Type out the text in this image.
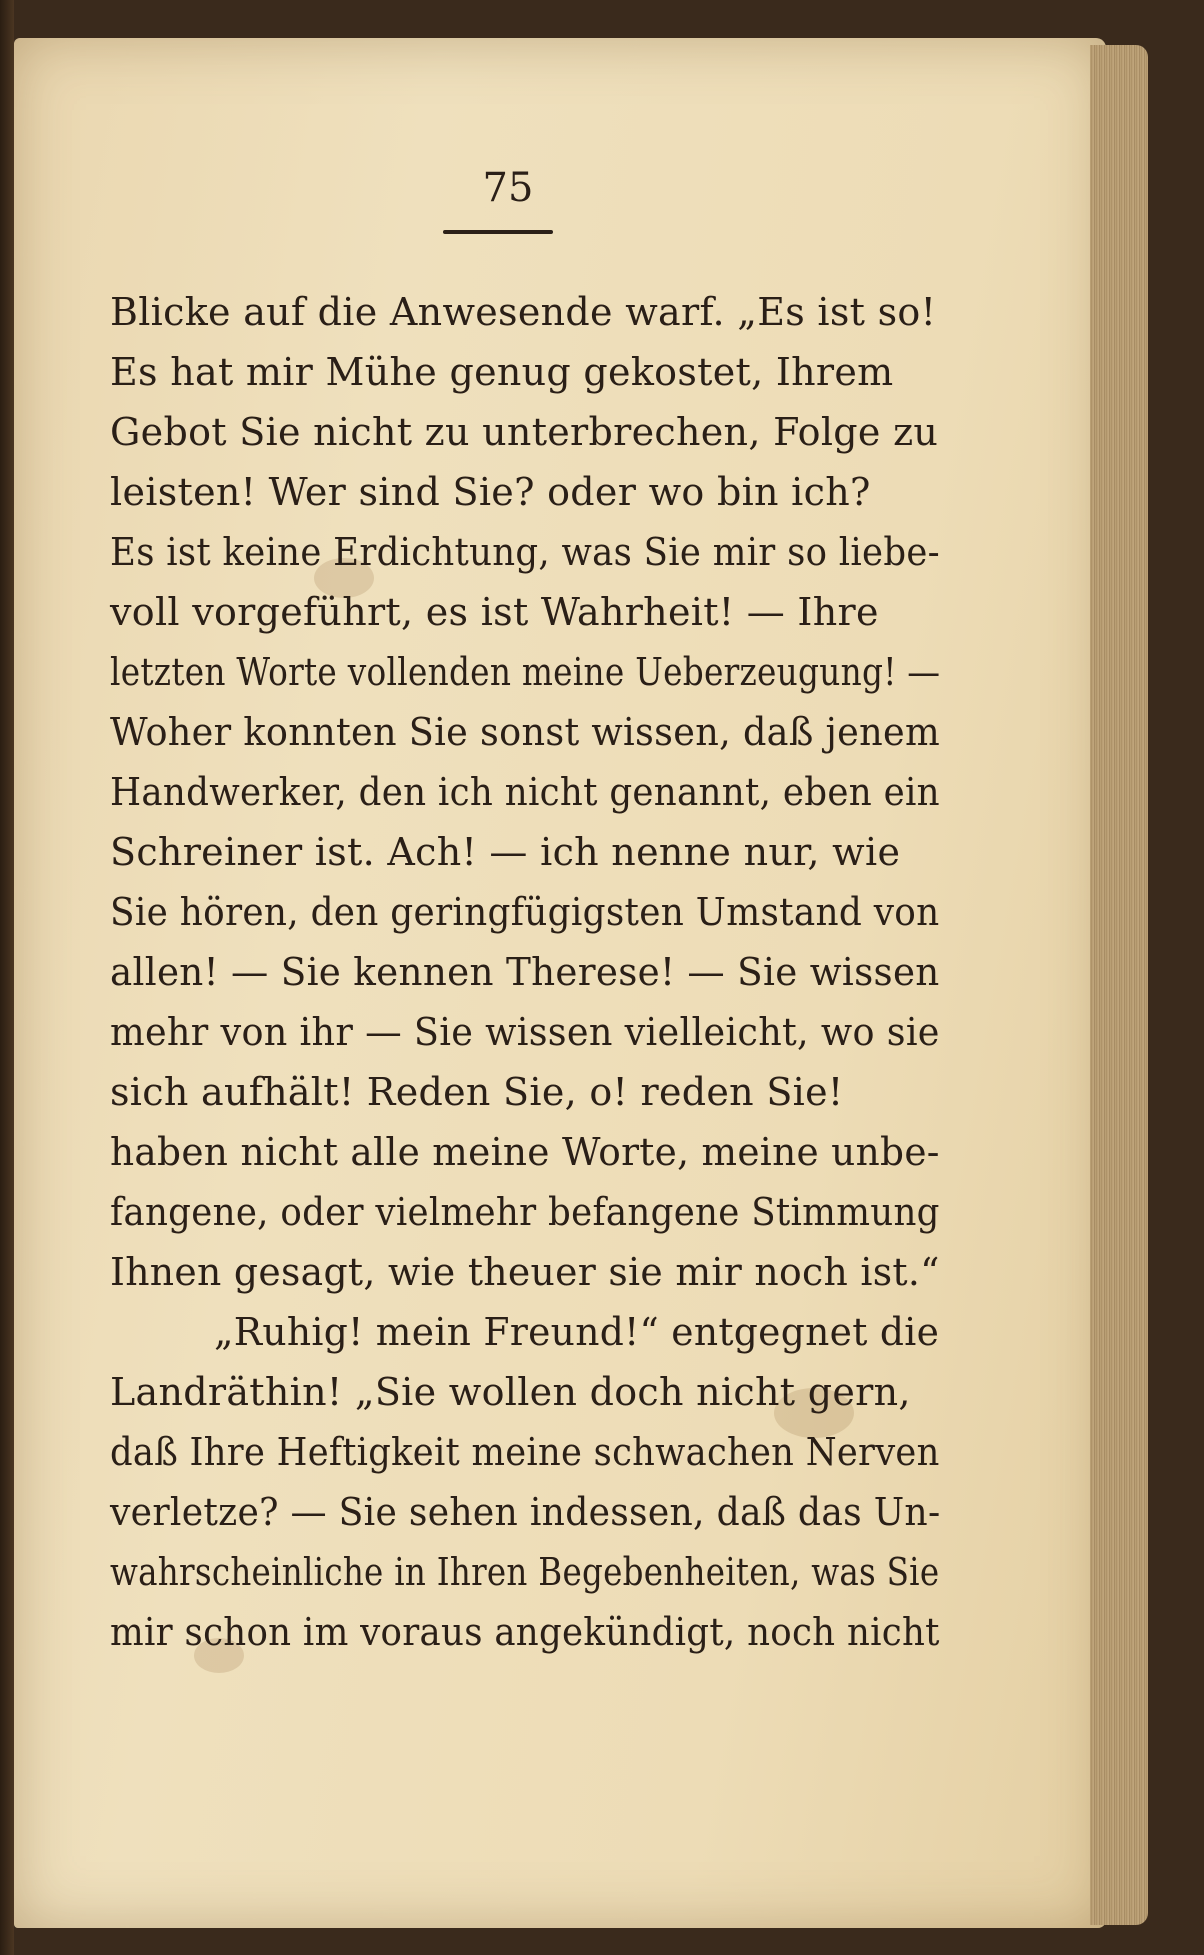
75
Blicke auf die Anwesende warf. „Es ist so!
Es hat mir Mühe genug gekostet, Ihrem
Gebot Sie nicht zu unterbrechen, Folge zu
leisten! Wer sind Sie? oder wo bin ich?
Es ist keine Erdichtung, was Sie mir so liebe-
voll vorgeführt, es ist Wahrheit! — Ihre
letzten Worte vollenden meine Ueberzeugung! —
Woher konnten Sie sonst wissen, daß jenem
Handwerker, den ich nicht genannt, eben ein
Schreiner ist. Ach! — ich nenne nur, wie
Sie hören, den geringfügigsten Umstand von
allen! — Sie kennen Therese! — Sie wissen
mehr von ihr — Sie wissen vielleicht, wo sie
sich aufhält! Reden Sie, o! reden Sie!
haben nicht alle meine Worte, meine unbe-
fangene, oder vielmehr befangene Stimmung
Ihnen gesagt, wie theuer sie mir noch ist.“
„Ruhig! mein Freund!“ entgegnet die
Landräthin! „Sie wollen doch nicht gern,
daß Ihre Heftigkeit meine schwachen Nerven
verletze? — Sie sehen indessen, daß das Un-
wahrscheinliche in Ihren Begebenheiten, was Sie
mir schon im voraus angekündigt, noch nicht
